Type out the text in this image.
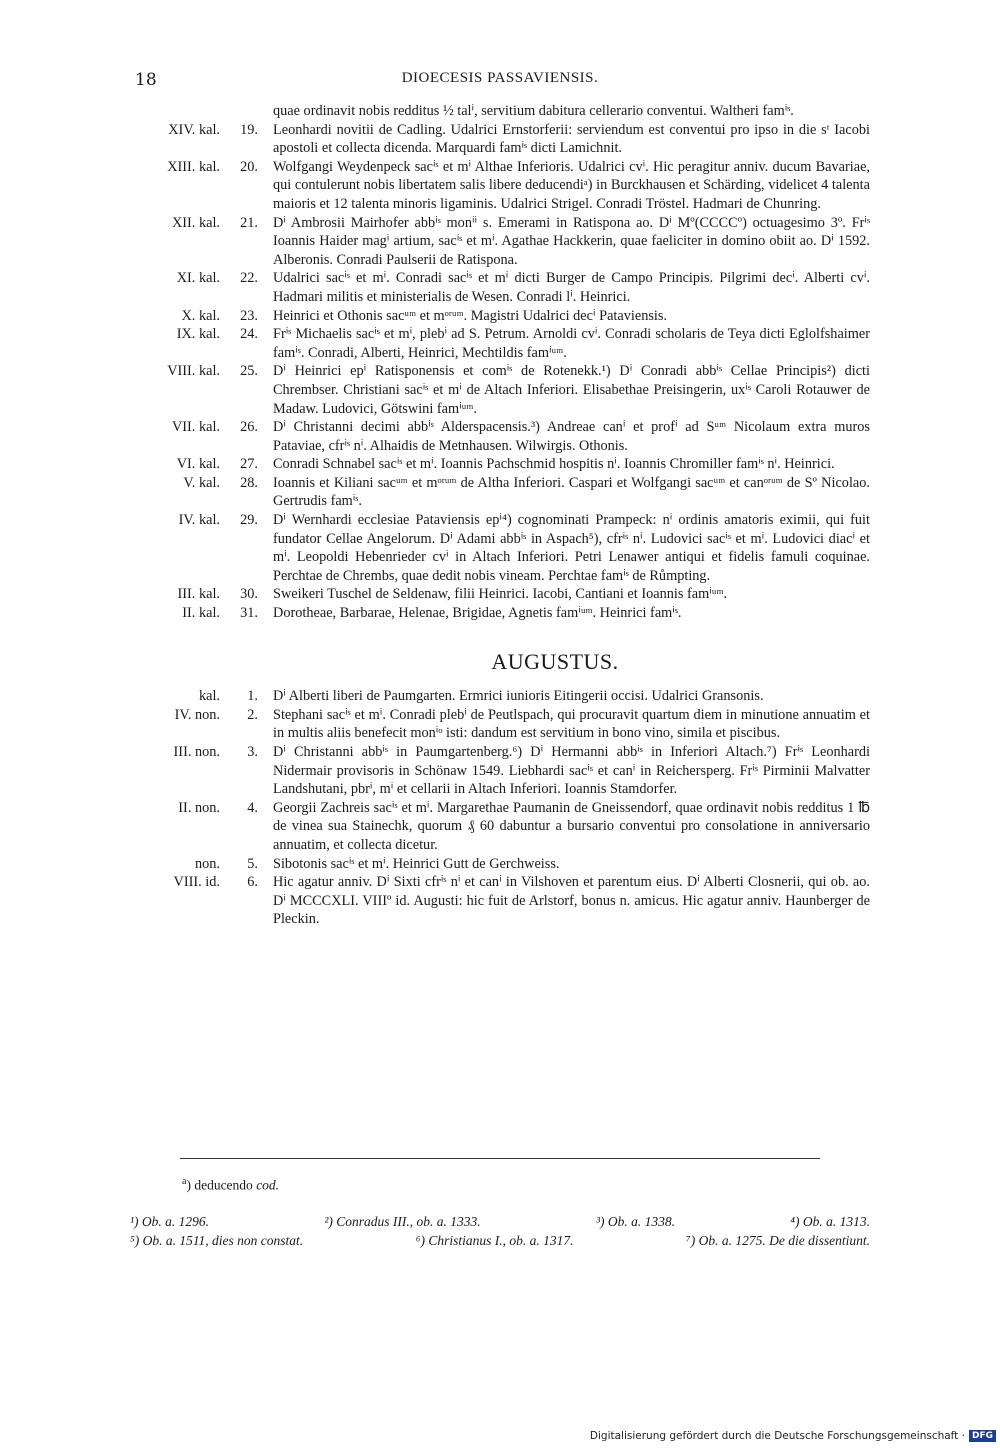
18	DIOECESIS PASSAVIENSIS.
quae ordinavit nobis redditus ½ talⁱ, servitium dabitura cellerario conventui. Waltheri famⁱˢ.
XIV. kal.	19. Leonhardi novitii de Cadling. Udalrici Ernstorferii: serviendum est conventui pro ipso in die sᵗ Iacobi apostoli et collecta dicenda. Marquardi famⁱˢ dicti Lamichnit.
XIII. kal.	20. Wolfgangi Weydenpeck sacⁱˢ et mⁱ Althae Inferioris. Udalrici cvⁱ. Hic peragitur anniv. ducum Bavariae, qui contulerunt nobis libertatem salis libere deducendiᵃ) in Burckhausen et Schärding, videlicet 4 talenta maioris et 12 talenta minoris ligaminis. Udalrici Strigel. Conradi Tröstel. Hadmari de Chunring.
XII. kal.	21. Dⁱ Ambrosii Mairhofer abbⁱˢ monⁱⁱ s. Emerami in Ratispona ao. Dⁱ Mº(CCCCº) octuagesimo 3º. Frⁱˢ Ioannis Haider magⁱ artium, sacⁱˢ et mⁱ. Agathae Hackkerin, quae faeliciter in domino obiit ao. Dⁱ 1592. Alberonis. Conradi Paulserii de Ratispona.
XI. kal.	22. Udalrici sacⁱˢ et mⁱ. Conradi sacⁱˢ et mⁱ dicti Burger de Campo Principis. Pilgrimi decⁱ. Alberti cvⁱ. Hadmari militis et ministerialis de Wesen. Conradi lⁱ. Heinrici.
X. kal.	23. Heinrici et Othonis sacᵘᵐ et mᵒʳᵘᵐ. Magistri Udalrici decⁱ Pataviensis.
IX. kal.	24. Frⁱˢ Michaelis sacⁱˢ et mⁱ, plebⁱ ad S. Petrum. Arnoldi cvⁱ. Conradi scholaris de Teya dicti Eglolfshaimer famⁱˢ. Conradi, Alberti, Heinrici, Mechtildis famⁱᵘᵐ.
VIII. kal.	25. Dⁱ Heinrici epⁱ Ratisponensis et comⁱˢ de Rotenekk.¹) Dⁱ Conradi abbⁱˢ Cellae Principis²) dicti Chrembser. Christiani sacⁱˢ et mⁱ de Altach Inferiori. Elisabethae Preisingerin, uxⁱˢ Caroli Rotauwer de Madaw. Ludovici, Götswini famⁱᵘᵐ.
VII. kal.	26. Dⁱ Christanni decimi abbⁱˢ Alderspacensis.³) Andreae canⁱ et profⁱ ad Sᵘᵐ Nicolaum extra muros Pataviae, cfrⁱˢ nⁱ. Alhaidis de Metnhausen. Wilwirgis. Othonis.
VI. kal.	27. Conradi Schnabel sacⁱˢ et mⁱ. Ioannis Pachschmid hospitis nⁱ. Ioannis Chromiller famⁱˢ nⁱ. Heinrici.
V. kal.	28. Ioannis et Kiliani sacᵘᵐ et mᵒʳᵘᵐ de Altha Inferiori. Caspari et Wolfgangi sacᵘᵐ et canᵒʳᵘᵐ de Sº Nicolao. Gertrudis famⁱˢ.
IV. kal.	29. Dⁱ Wernhardi ecclesiae Pataviensis epⁱ⁴) cognominati Prampeck: nⁱ ordinis amatoris eximii, qui fuit fundator Cellae Angelorum. Dⁱ Adami abbⁱˢ in Aspach⁵), cfrⁱˢ nⁱ. Ludovici sacⁱˢ et mⁱ. Ludovici diacⁱ et mⁱ. Leopoldi Hebenrieder cvⁱ in Altach Inferiori. Petri Lenawer antiqui et fidelis famuli coquinae. Perchtae de Chrembs, quae dedit nobis vineam. Perchtae famⁱˢ de Růmpting.
III. kal.	30. Sweikeri Tuschel de Seldenaw, filii Heinrici. Iacobi, Cantiani et Ioannis famⁱᵘᵐ.
II. kal.	31. Dorotheae, Barbarae, Helenae, Brigidae, Agnetis famⁱᵘᵐ. Heinrici famⁱˢ.
AUGUSTUS.
kal.	1. Dⁱ Alberti liberi de Paumgarten. Ermrici iunioris Eitingerii occisi. Udalrici Gransonis.
IV. non.	2. Stephani sacⁱˢ et mⁱ. Conradi plebⁱ de Peutlspach, qui procuravit quartum diem in minutione annuatim et in multis aliis benefecit monⁱᵒ isti: dandum est servitium in bono vino, simila et piscibus.
III. non.	3. Dⁱ Christanni abbⁱˢ in Paumgartenberg.⁶) Dⁱ Hermanni abbⁱˢ in Inferiori Altach.⁷) Frⁱˢ Leonhardi Nidermair provisoris in Schönaw 1549. Liebhardi sacⁱˢ et canⁱ in Reichersperg. Frⁱˢ Pirminii Malvatter Landshutani, pbrⁱ, mⁱ et cellarii in Altach Inferiori. Ioannis Stamdorfer.
II. non.	4. Georgii Zachreis sacⁱˢ et mⁱ. Margarethae Paumanin de Gneissendorf, quae ordinavit nobis redditus 1 ℔ de vinea sua Stainechk, quorum ₰ 60 dabuntur a bursario conventui pro consolatione in anniversario annuatim, et collecta dicetur.
non.	5. Sibotonis sacⁱˢ et mⁱ. Heinrici Gutt de Gerchweiss.
VIII. id.	6. Hic agatur anniv. Dⁱ Sixti cfrⁱˢ nⁱ et canⁱ in Vilshoven et parentum eius. Dⁱ Alberti Closnerii, qui ob. ao. Dⁱ MCCCXLI. VIIIº id. Augusti: hic fuit de Arlstorf, bonus n. amicus. Hic agatur anniv. Haunberger de Pleckin.
$^a$) deducendo cod.
¹) Ob. a. 1296.	²) Conradus III., ob. a. 1333.	³) Ob. a. 1338.	⁴) Ob. a. 1313.
⁵) Ob. a. 1511, dies non constat.	⁶) Christianus I., ob. a. 1317.	⁷) Ob. a. 1275. De die dissentiunt.
Digitalisierung gefördert durch die Deutsche Forschungsgemeinschaft · DFG
